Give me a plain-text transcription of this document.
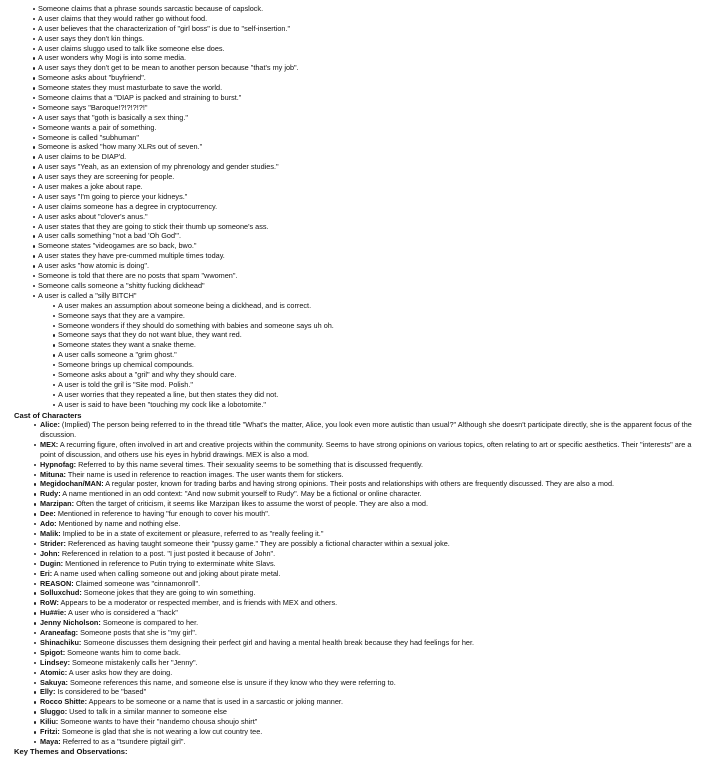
Someone claims that a phrase sounds sarcastic because of capslock.
A user claims that they would rather go without food.
A user believes that the characterization of "girl boss" is due to "self-insertion."
A user says they don't kin things.
A user claims sluggo used to talk like someone else does.
A user wonders why Mogi is into some media.
A user says they don't get to be mean to another person because "that's my job".
Someone asks about "buyfriend".
Someone states they must masturbate to save the world.
Someone claims that a "DIAP is packed and straining to burst."
Someone says "Baroque!?!?!?!?!"
A user says that "goth is basically a sex thing."
Someone wants a pair of something.
Someone is called "subhuman"
Someone is asked "how many XLRs out of seven."
A user claims to be DIAP'd.
A user says "Yeah, as an extension of my phrenology and gender studies."
A user says they are screening for people.
A user makes a joke about rape.
A user says "I'm going to pierce your kidneys."
A user claims someone has a degree in cryptocurrency.
A user asks about "clover's anus."
A user states that they are going to stick their thumb up someone's ass.
A user calls something "not a bad 'Oh God'".
Someone states "videogames are so back, bwo."
A user states they have pre-cummed multiple times today.
A user asks "how atomic is doing".
Someone is told that there are no posts that spam "wwomen".
Someone calls someone a "shitty fucking dickhead"
A user is called a "silly BITCH"
A user makes an assumption about someone being a dickhead, and is correct.
Someone says that they are a vampire.
Someone wonders if they should do something with babies and someone says uh oh.
Someone says that they do not want blue, they want red.
Someone states they want a snake theme.
A user calls someone a "grim ghost."
Someone brings up chemical compounds.
Someone asks about a "gril" and why they should care.
A user is told the gril is "Site mod. Polish."
A user worries that they repeated a line, but then states they did not.
A user is said to have been "touching my cock like a lobotomite."
Cast of Characters
Alice: (Implied) The person being referred to in the thread title "What's the matter, Alice, you look even more autistic than usual?" Although she doesn't participate directly, she is the apparent focus of the discussion.
MEX: A recurring figure, often involved in art and creative projects within the community. Seems to have strong opinions on various topics, often relating to art or specific aesthetics. Their "interests" are a point of discussion, and others use his eyes in hybrid drawings. MEX is also a mod.
Hypnofag: Referred to by this name several times. Their sexuality seems to be something that is discussed frequently.
Mituna: Their name is used in reference to reaction images. The user wants them for stickers.
Megidochan/MAN: A regular poster, known for trading barbs and having strong opinions. Their posts and relationships with others are frequently discussed. They are also a mod.
Rudy: A name mentioned in an odd context: "And now submit yourself to Rudy". May be a fictional or online character.
Marzipan: Often the target of criticism, it seems like Marzipan likes to assume the worst of people. They are also a mod.
Dee: Mentioned in reference to having "fur enough to cover his mouth".
Ado: Mentioned by name and nothing else.
Malik: Implied to be in a state of excitement or pleasure, referred to as "really feeling it."
Strider: Referenced as having taught someone their "pussy game." They are possibly a fictional character within a sexual joke.
John: Referenced in relation to a post. "I just posted it because of John".
Dugin: Mentioned in reference to Putin trying to exterminate white Slavs.
Eri: A name used when calling someone out and joking about pirate metal.
REASON: Claimed someone was "cinnamonroll".
Solluxchud: Someone jokes that they are going to win something.
RoW: Appears to be a moderator or respected member, and is friends with MEX and others.
Hu##ie: A user who is considered a "hack"
Jenny Nicholson: Someone is compared to her.
Araneafag: Someone posts that she is "my girl".
Shinachiku: Someone discusses them designing their perfect girl and having a mental health break because they had feelings for her.
Spigot: Someone wants him to come back.
Lindsey: Someone mistakenly calls her "Jenny".
Atomic: A user asks how they are doing.
Sakuya: Someone references this name, and someone else is unsure if they know who they were referring to.
Elly: Is considered to be "based"
Rocco Shitte: Appears to be someone or a name that is used in a sarcastic or joking manner.
Sluggo: Used to talk in a similar manner to someone else
Kiliu: Someone wants to have their "nandemo chousa shoujo shirt"
Fritzi: Someone is glad that she is not wearing a low cut country tee.
Maya: Referred to as a "tsundere pigtail girl".
Key Themes and Observations:
